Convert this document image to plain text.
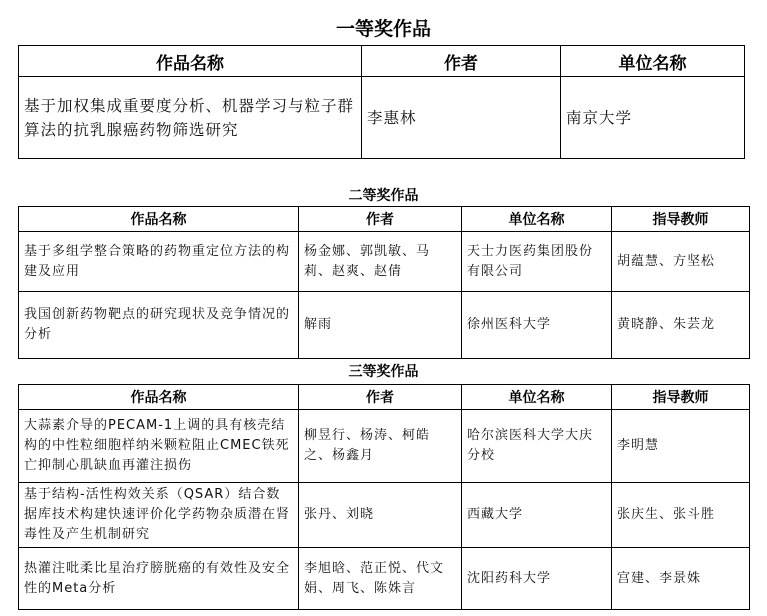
一等奖作品
作品名称	作者	单位名称
基于加权集成重要度分析、机器学习与粒子群算法的抗乳腺癌药物筛选研究	李惠林	南京大学
二等奖作品
作品名称	作者	单位名称	指导教师
基于多组学整合策略的药物重定位方法的构建及应用	杨金娜、郭凯敏、马莉、赵爽、赵倩	天士力医药集团股份有限公司	胡蕴慧、方坚松
我国创新药物靶点的研究现状及竞争情况的分析	解雨	徐州医科大学	黄晓静、朱芸龙
三等奖作品
作品名称	作者	单位名称	指导教师
大蒜素介导的PECAM-1上调的具有核壳结构的中性粒细胞样纳米颗粒阻止CMEC铁死亡抑制心肌缺血再灌注损伤	柳昱行、杨涛、柯皓之、杨鑫月	哈尔滨医科大学大庆分校	李明慧
基于结构-活性构效关系（QSAR）结合数据库技术构建快速评价化学药物杂质潜在肾毒性及产生机制研究	张丹、刘晓	西藏大学	张庆生、张斗胜
热灌注吡柔比星治疗膀胱癌的有效性及安全性的Meta分析	李旭晗、范正悦、代文娟、周飞、陈姝言	沈阳药科大学	宫建、李景姝
